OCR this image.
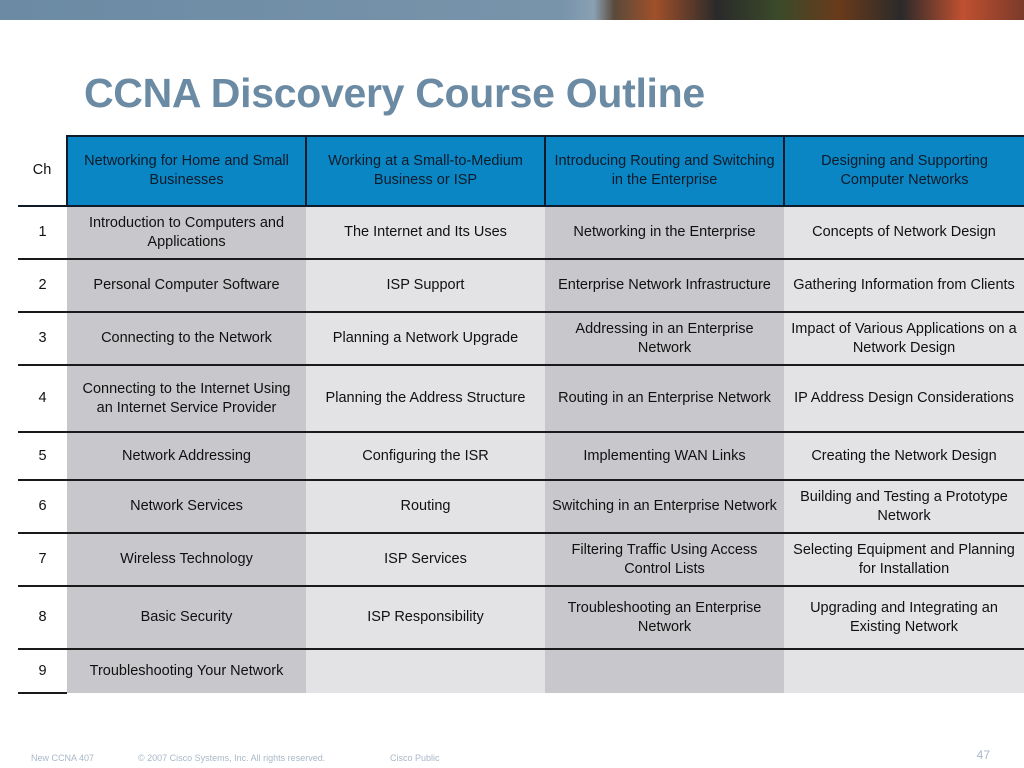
CCNA Discovery Course Outline
Ch	Networking for Home and Small Businesses	Working at a Small-to-Medium Business or ISP	Introducing Routing and Switching in the Enterprise	Designing and Supporting Computer Networks
1	Introduction to Computers and Applications	The Internet and Its Uses	Networking in the Enterprise	Concepts of Network Design
2	Personal Computer Software	ISP Support	Enterprise Network Infrastructure	Gathering Information from Clients
3	Connecting to the Network	Planning a Network Upgrade	Addressing in an Enterprise Network	Impact of Various Applications on a Network Design
4	Connecting to the Internet Using an Internet Service Provider	Planning the Address Structure	Routing in an Enterprise Network	IP Address Design Considerations
5	Network Addressing	Configuring the ISR	Implementing WAN Links	Creating the Network Design
6	Network Services	Routing	Switching in an Enterprise Network	Building and Testing a Prototype Network
7	Wireless Technology	ISP Services	Filtering Traffic Using Access Control Lists	Selecting Equipment and Planning for Installation
8	Basic Security	ISP Responsibility	Troubleshooting an Enterprise Network	Upgrading and Integrating an Existing Network
9	Troubleshooting Your Network			
New CCNA 407	© 2007 Cisco Systems, Inc. All rights reserved.	Cisco Public	47
